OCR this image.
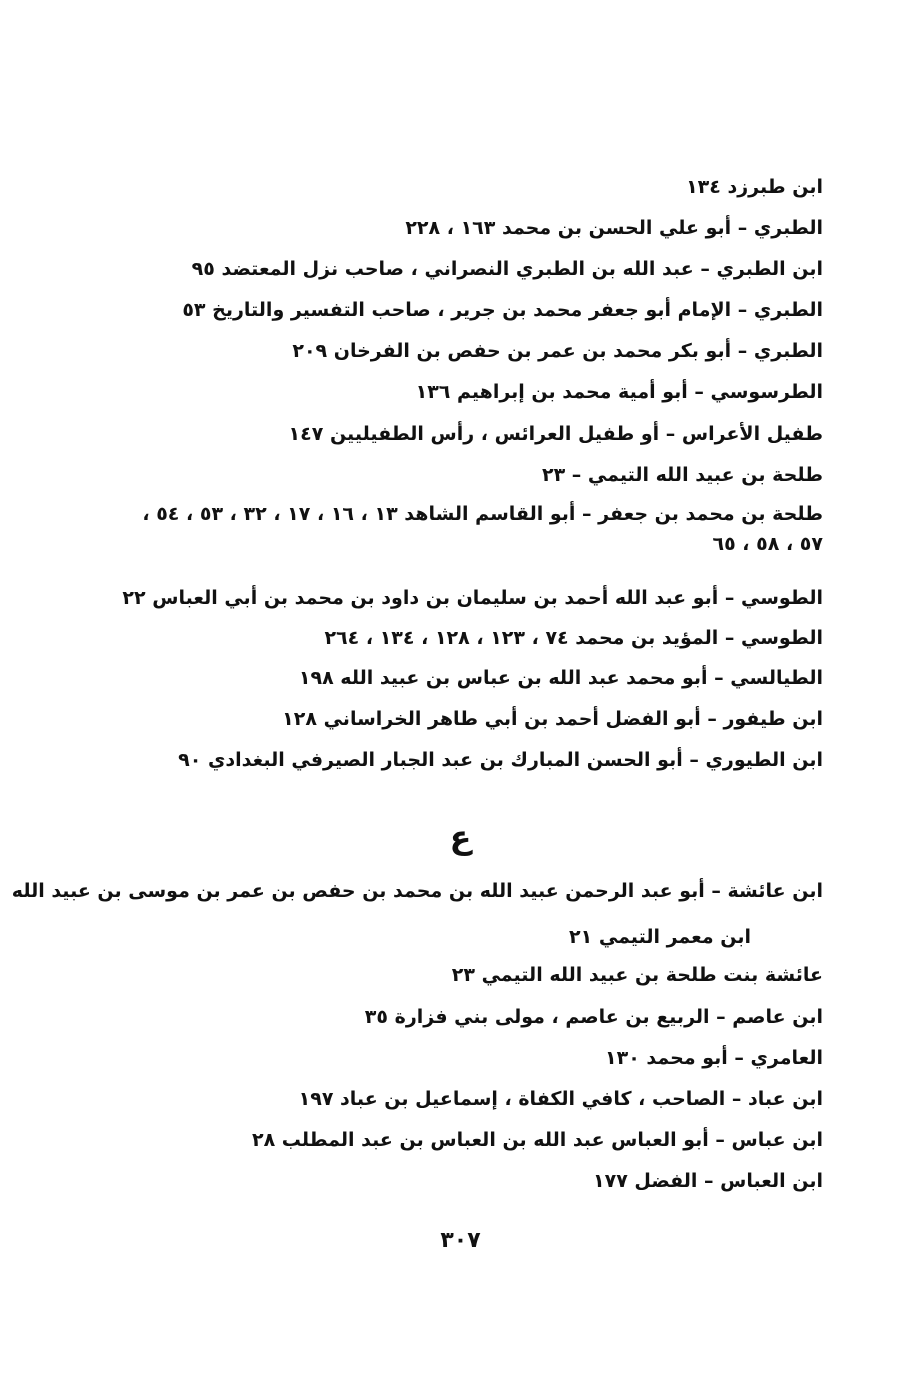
ابن طبرزد ١٣٤
الطبري – أبو علي الحسن بن محمد ١٦٣ ، ٢٢٨
ابن الطبري – عبد الله بن الطبري النصراني ، صاحب نزل المعتضد ٩٥
الطبري – الإمام أبو جعفر محمد بن جرير ، صاحب التفسير والتاريخ ٥٣
الطبري – أبو بكر محمد بن عمر بن حفص بن الفرخان ٢٠٩
الطرسوسي – أبو أمية محمد بن إبراهيم ١٣٦
طفيل الأعراس – أو طفيل العرائس ، رأس الطفيليين ١٤٧
طلحة بن عبيد الله التيمي – ٢٣
طلحة بن محمد بن جعفر – أبو القاسم الشاهد ١٣ ، ١٦ ، ١٧ ، ٣٢ ، ٥٣ ، ٥٤ ، ٥٧ ، ٥٨ ، ٦٥
الطوسي – أبو عبد الله أحمد بن سليمان بن داود بن محمد بن أبي العباس ٢٢
الطوسي – المؤيد بن محمد ٧٤ ، ١٢٣ ، ١٢٨ ، ١٣٤ ، ٢٦٤
الطيالسي – أبو محمد عبد الله بن عباس بن عبيد الله ١٩٨
ابن طيفور – أبو الفضل أحمد بن أبي طاهر الخراساني ١٢٨
ابن الطيوري – أبو الحسن المبارك بن عبد الجبار الصيرفي البغدادي ٩٠
ع
ابن عائشة – أبو عبد الرحمن عبيد الله بن محمد بن حفص بن عمر بن موسى بن عبيد الله
ابن معمر التيمي ٢١
عائشة بنت طلحة بن عبيد الله التيمي ٢٣
ابن عاصم – الربيع بن عاصم ، مولى بني فزارة ٣٥
العامري – أبو محمد ١٣٠
ابن عباد – الصاحب ، كافي الكفاة ، إسماعيل بن عباد ١٩٧
ابن عباس – أبو العباس عبد الله بن العباس بن عبد المطلب ٢٨
ابن العباس – الفضل ١٧٧
٣٠٧
